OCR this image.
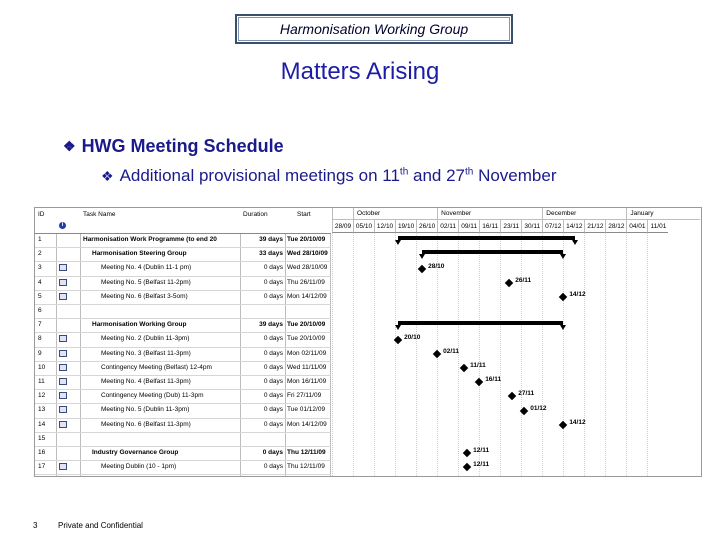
Harmonisation Working Group
Matters Arising
❖ HWG Meeting Schedule
❖ Additional provisional meetings on 11th and 27th November
ID
i
Task Name	Duration	Start
1	Harmonisation Work Programme (to end 20	39 days Tue 20/10/09
2	Harmonisation Steering Group	33 days Wed 28/10/09
3	Meeting No. 4 (Dublin 11-1 pm)	0 days Wed 28/10/09
4	Meeting No. 5 (Belfast 11-2pm)	0 days Thu 26/11/09
5	Meeting No. 6 (Belfast 3-5om)	0 days Mon 14/12/09
6
7	Harmonisation Working Group	39 days Tue 20/10/09
8	Meeting No. 2 (Dublin 11-3pm)	0 days Tue 20/10/09
9	Meeting No. 3 (Belfast 11-3pm)	0 days Mon 02/11/09
10	Contingency Meeting (Belfast) 12-4pm	0 days Wed 11/11/09
11	Meeting No. 4 (Belfast 11-3pm)	0 days Mon 16/11/09
12	Contingency Meeting (Dub) 11-3pm	0 days Fri 27/11/09
13	Meeting No. 5 (Dublin 11-3pm)	0 days Tue 01/12/09
14	Meeting No. 6 (Belfast 11-3pm)	0 days Mon 14/12/09
15
16	Industry Governance Group	0 days Thu 12/11/09
17	Meeting Dublin (10 - 1pm)	0 days Thu 12/11/09
28/09 05/10 12/10 19/10 26/10 02/11 09/11 16/11 23/11 30/11 07/12 14/12 21/12 28/12 04/01 11/01
October	November	December	January
28/10
26/11
14/12
20/10
02/11
11/11
16/11
27/11
01/12
14/12
12/11
12/11
3	Private and Confidential
